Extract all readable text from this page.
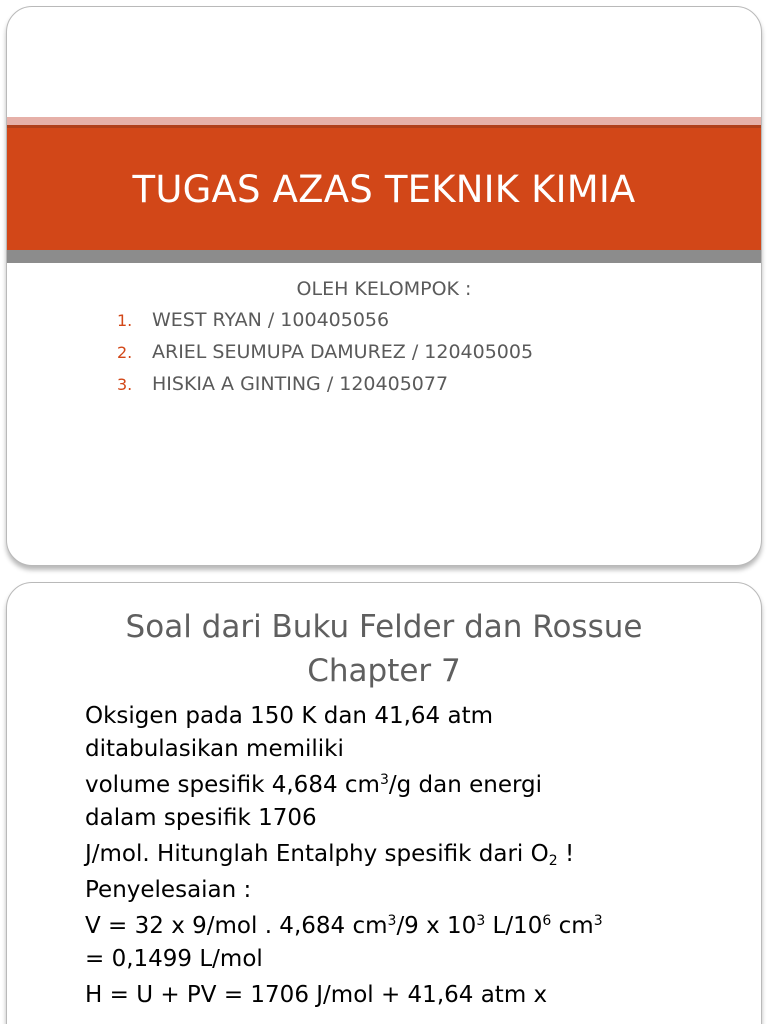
TUGAS AZAS TEKNIK KIMIA
OLEH KELOMPOK :
1.	WEST RYAN / 100405056
2.	ARIEL SEUMUPA DAMUREZ / 120405005
3.	HISKIA A GINTING / 120405077
Soal dari Buku Felder dan Rossue
Chapter 7

Oksigen pada 150 K dan 41,64 atm
ditabulasikan memiliki

volume spesifik 4,684 $cm^3/g$ dan energi
dalam spesifik 1706

J/mol. Hitunglah Entalphy spesifik dari $O_2$ !

Penyelesaian :

V = 32 x 9/mol . 4,684 $cm^3/9$ x $10^3$ $L/10^6$ $cm^3$
= 0,1499 L/mol

H = U + PV = 1706 J/mol + 41,64 atm x
